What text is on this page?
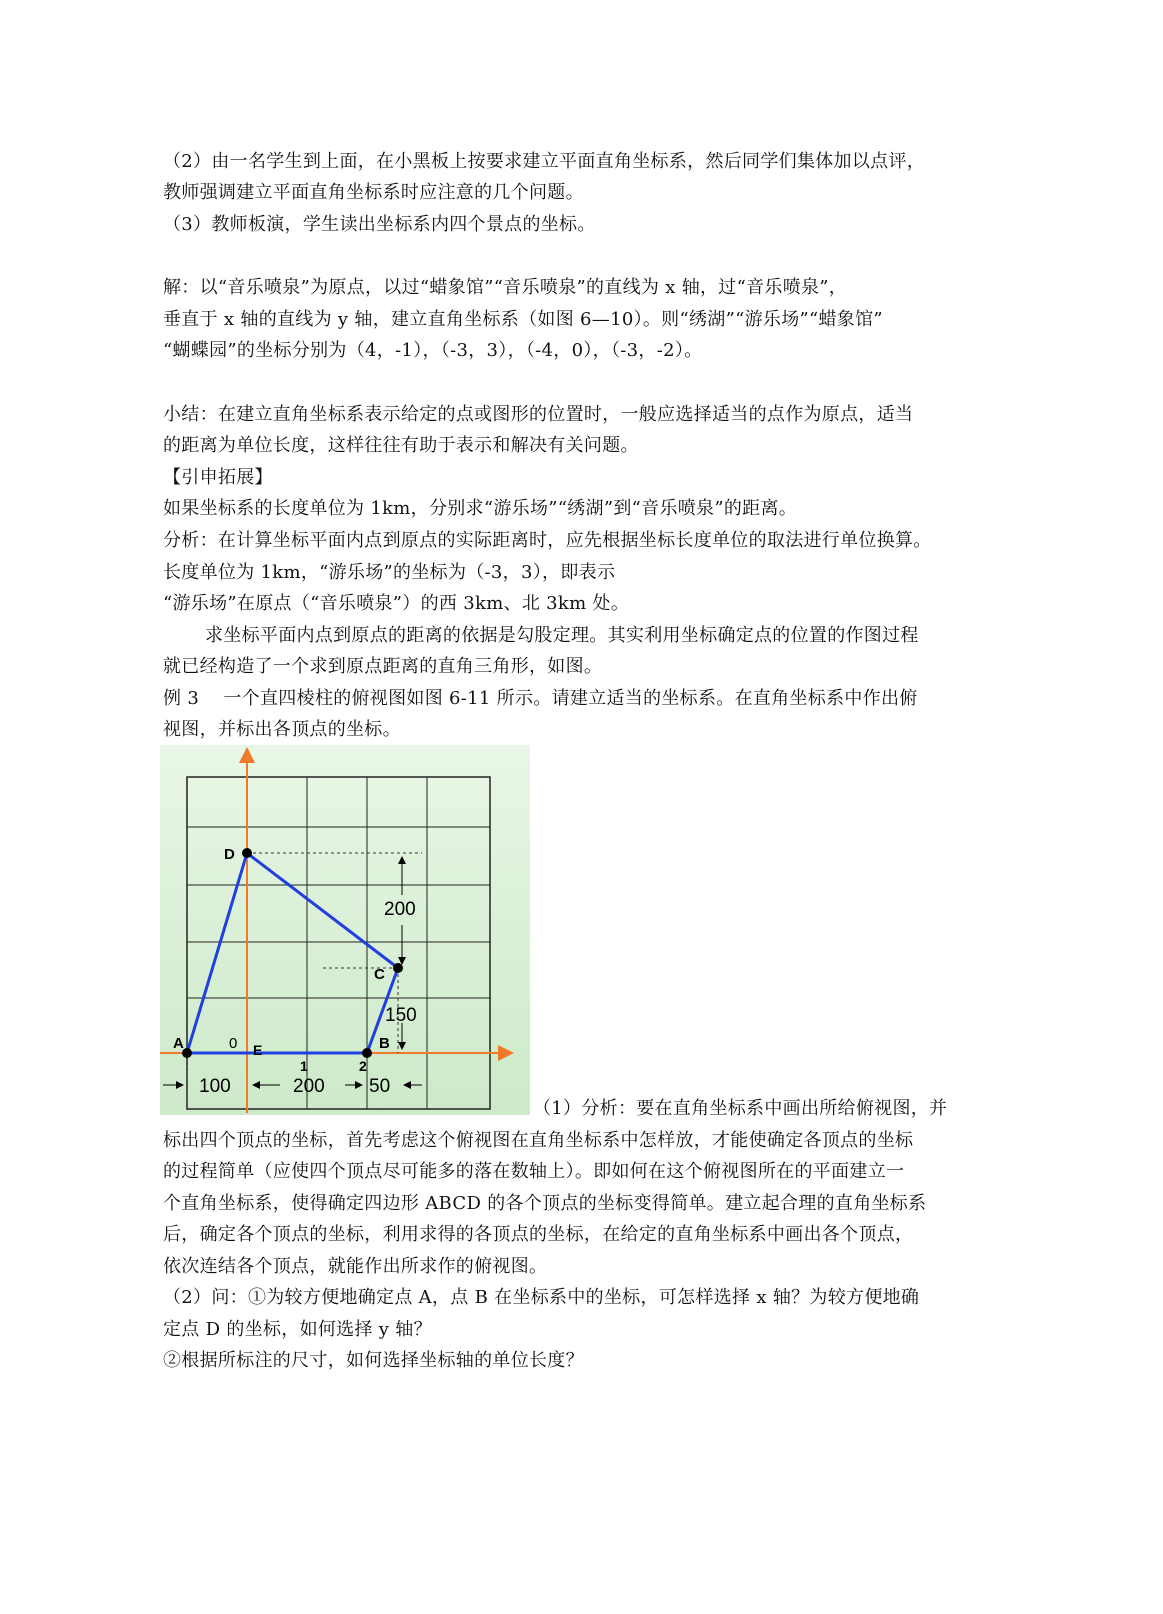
（2）由一名学生到上面，在小黑板上按要求建立平面直角坐标系，然后同学们集体加以点评，
教师强调建立平面直角坐标系时应注意的几个问题。
（3）教师板演，学生读出坐标系内四个景点的坐标。
解：以“音乐喷泉”为原点，以过“蜡象馆”“音乐喷泉”的直线为 x 轴，过“音乐喷泉”，
垂直于 x 轴的直线为 y 轴，建立直角坐标系（如图 6—10）。则“绣湖”“游乐场”“蜡象馆”
“蝴蝶园”的坐标分别为（4，-1），（-3，3），（-4，0），（-3，-2）。
小结：在建立直角坐标系表示给定的点或图形的位置时，一般应选择适当的点作为原点，适当
的距离为单位长度，这样往往有助于表示和解决有关问题。
【引申拓展】
如果坐标系的长度单位为 1km，分别求“游乐场”“绣湖”到“音乐喷泉”的距离。
分析：在计算坐标平面内点到原点的实际距离时，应先根据坐标长度单位的取法进行单位换算。
长度单位为 1km，“游乐场”的坐标为（-3，3），即表示
“游乐场”在原点（“音乐喷泉”）的西 3km、北 3km 处。
求坐标平面内点到原点的距离的依据是勾股定理。其实利用坐标确定点的位置的作图过程
就已经构造了一个求到原点距离的直角三角形，如图。
例 3　 一个直四棱柱的俯视图如图 6-11 所示。请建立适当的坐标系。在直角坐标系中作出俯
视图，并标出各顶点的坐标。
A	B
C
D
0 E
1	2
200
150
100	200 50
（1）分析：要在直角坐标系中画出所给俯视图，并
标出四个顶点的坐标，首先考虑这个俯视图在直角坐标系中怎样放，才能使确定各顶点的坐标
的过程简单（应使四个顶点尽可能多的落在数轴上）。即如何在这个俯视图所在的平面建立一
个直角坐标系，使得确定四边形 ABCD 的各个顶点的坐标变得简单。建立起合理的直角坐标系
后，确定各个顶点的坐标，利用求得的各顶点的坐标，在给定的直角坐标系中画出各个顶点，
依次连结各个顶点，就能作出所求作的俯视图。
（2）问：①为较方便地确定点 A，点 B 在坐标系中的坐标，可怎样选择 x 轴？为较方便地确
定点 D 的坐标，如何选择 y 轴？
②根据所标注的尺寸，如何选择坐标轴的单位长度？
